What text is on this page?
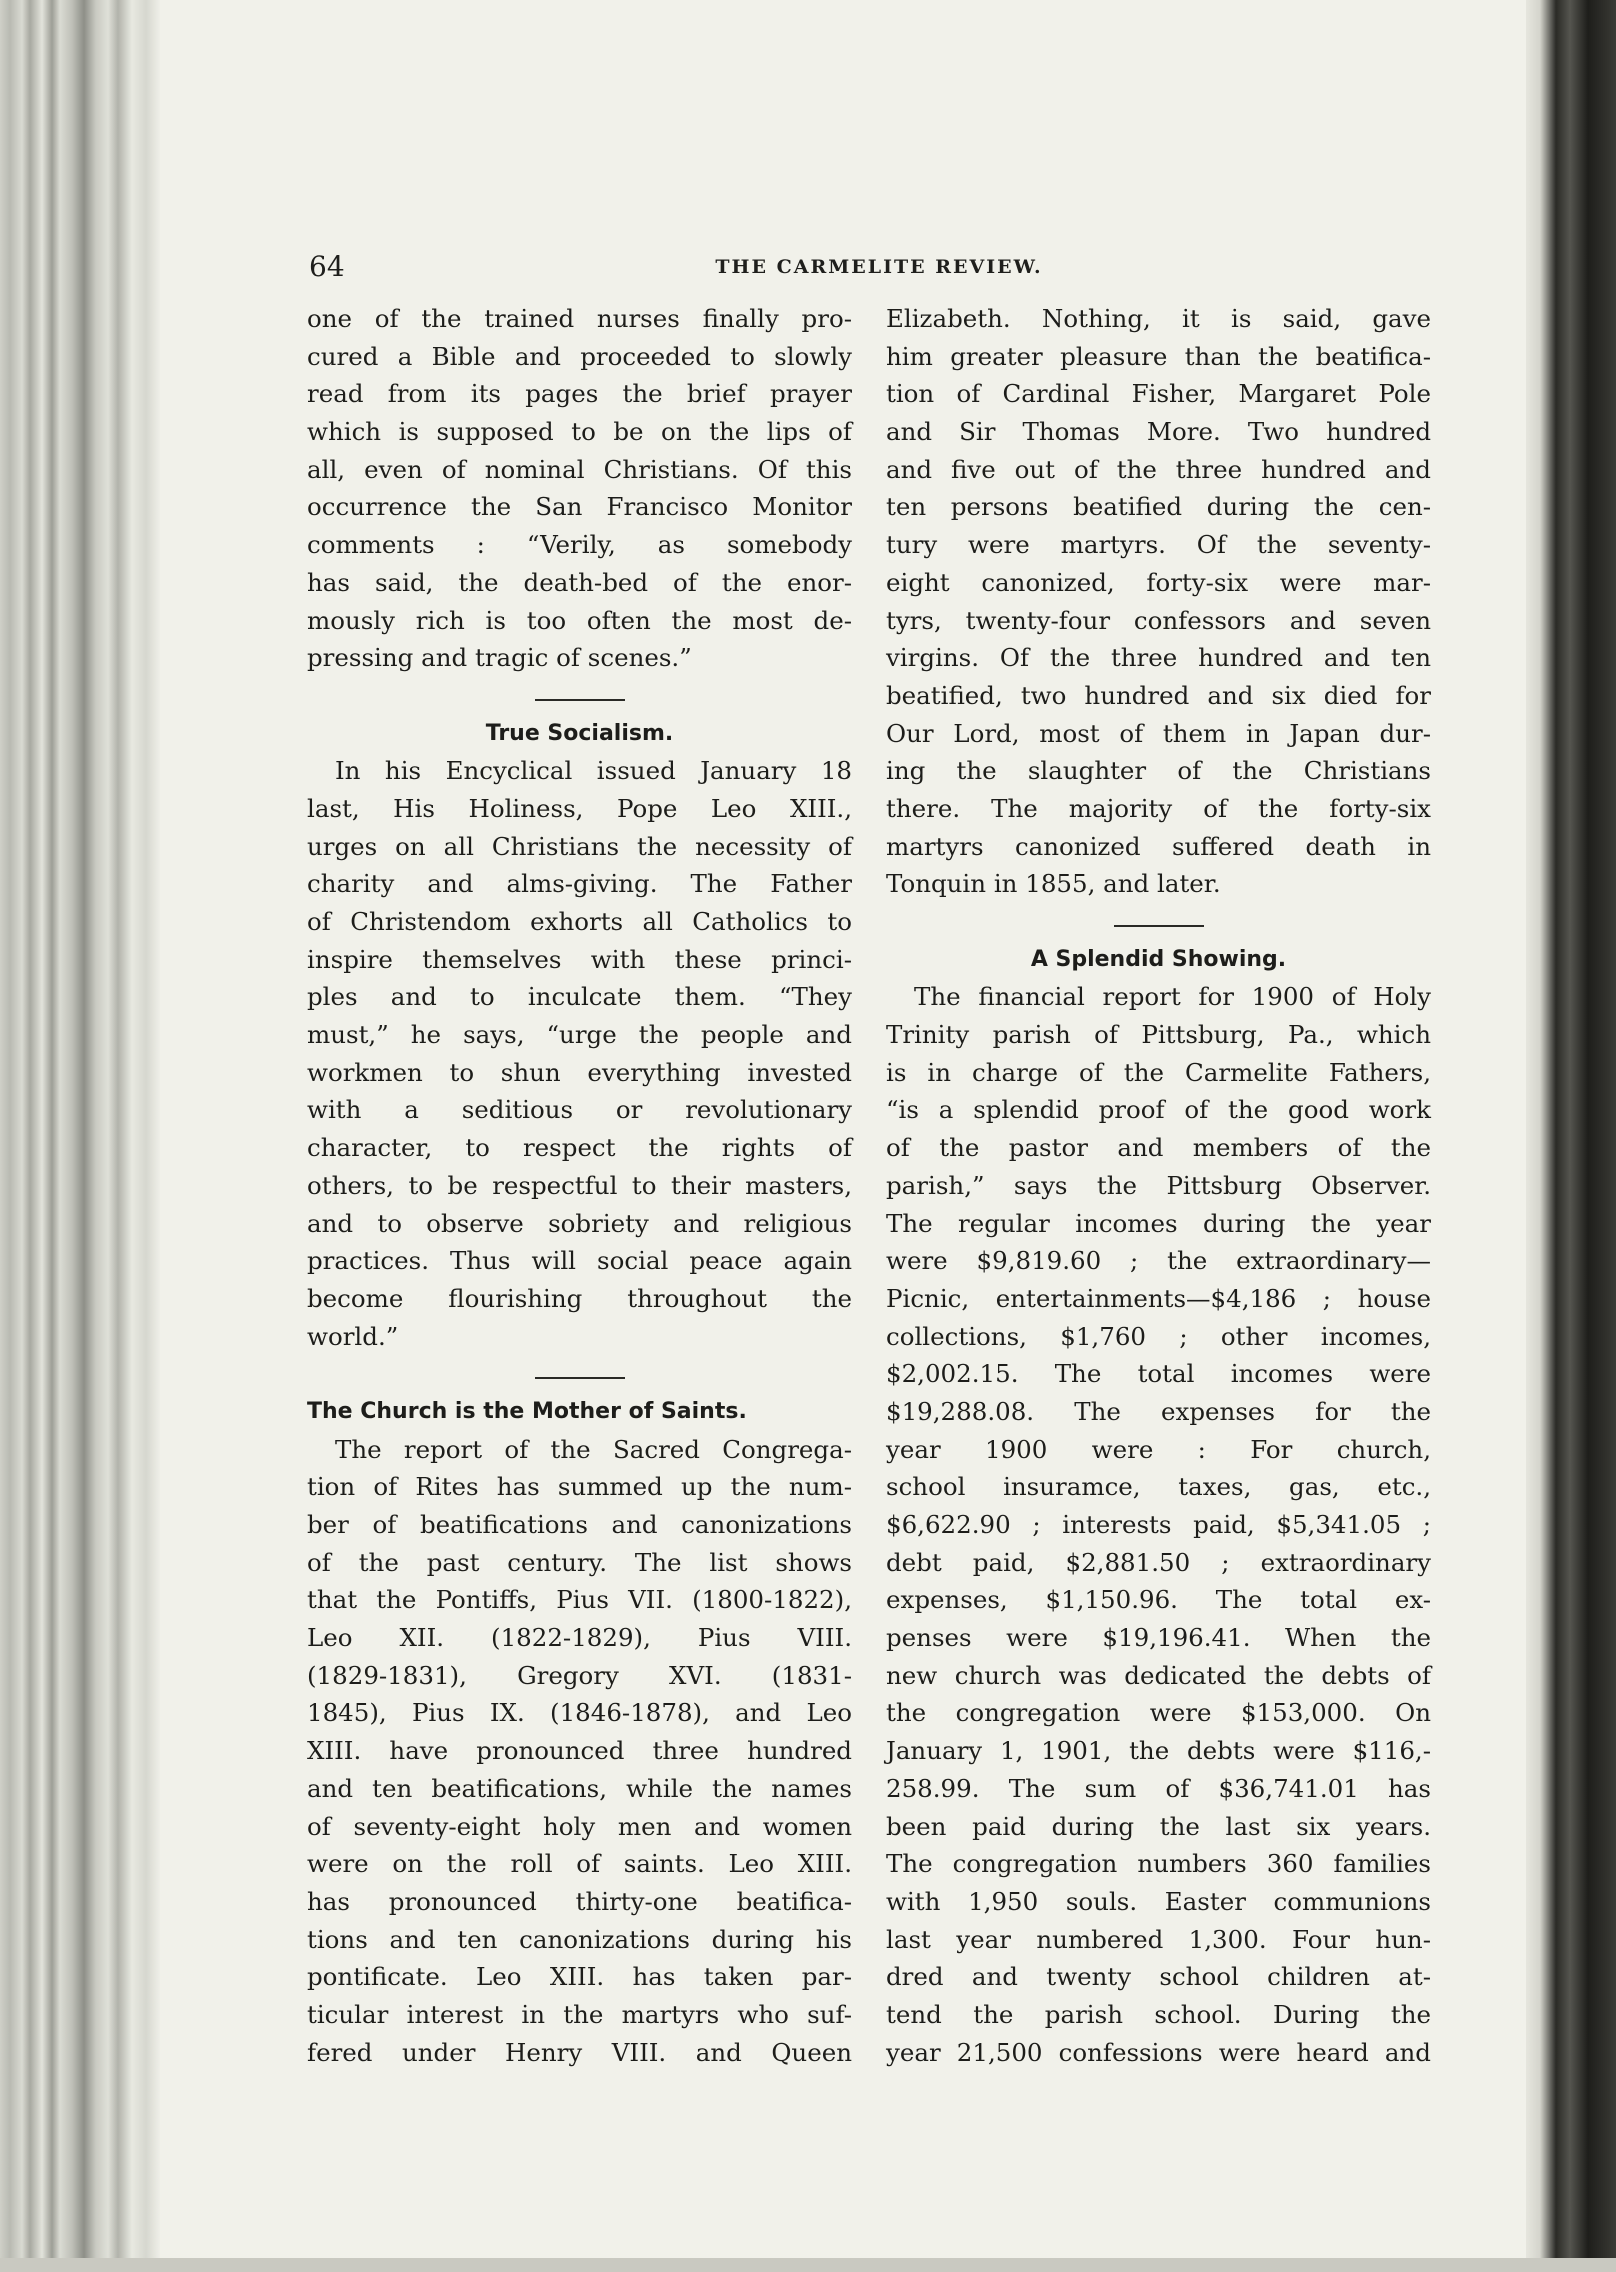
64	THE CARMELITE REVIEW.
one of the trained nurses finally pro-
cured a Bible and proceeded to slowly
read from its pages the brief prayer
which is supposed to be on the lips of
all, even of nominal Christians. Of this
occurrence the San Francisco Monitor
comments : “Verily, as somebody
has said, the death-bed of the enor-
mously rich is too often the most de-
pressing and tragic of scenes.”
True Socialism.
In his Encyclical issued January 18
last, His Holiness, Pope Leo XIII.,
urges on all Christians the necessity of
charity and alms-giving. The Father
of Christendom exhorts all Catholics to
inspire themselves with these princi-
ples and to inculcate them. “They
must,” he says, “urge the people and
workmen to shun everything invested
with a seditious or revolutionary
character, to respect the rights of
others, to be respectful to their masters,
and to observe sobriety and religious
practices. Thus will social peace again
become flourishing throughout the
world.”
The Church is the Mother of Saints.
The report of the Sacred Congrega-
tion of Rites has summed up the num-
ber of beatifications and canonizations
of the past century. The list shows
that the Pontiffs, Pius VII. (1800-1822),
Leo XII. (1822-1829), Pius VIII.
(1829-1831), Gregory XVI. (1831-
1845), Pius IX. (1846-1878), and Leo
XIII. have pronounced three hundred
and ten beatifications, while the names
of seventy-eight holy men and women
were on the roll of saints. Leo XIII.
has pronounced thirty-one beatifica-
tions and ten canonizations during his
pontificate. Leo XIII. has taken par-
ticular interest in the martyrs who suf-
fered under Henry VIII. and Queen
Elizabeth. Nothing, it is said, gave
him greater pleasure than the beatifica-
tion of Cardinal Fisher, Margaret Pole
and Sir Thomas More. Two hundred
and five out of the three hundred and
ten persons beatified during the cen-
tury were martyrs. Of the seventy-
eight canonized, forty-six were mar-
tyrs, twenty-four confessors and seven
virgins. Of the three hundred and ten
beatified, two hundred and six died for
Our Lord, most of them in Japan dur-
ing the slaughter of the Christians
there. The majority of the forty-six
martyrs canonized suffered death in
Tonquin in 1855, and later.
A Splendid Showing.
The financial report for 1900 of Holy
Trinity parish of Pittsburg, Pa., which
is in charge of the Carmelite Fathers,
“is a splendid proof of the good work
of the pastor and members of the
parish,” says the Pittsburg Observer.
The regular incomes during the year
were $9,819.60 ; the extraordinary—
Picnic, entertainments—$4,186 ; house
collections, $1,760 ; other incomes,
$2,002.15. The total incomes were
$19,288.08. The expenses for the
year 1900 were : For church,
school insuramce, taxes, gas, etc.,
$6,622.90 ; interests paid, $5,341.05 ;
debt paid, $2,881.50 ; extraordinary
expenses, $1,150.96. The total ex-
penses were $19,196.41. When the
new church was dedicated the debts of
the congregation were $153,000. On
January 1, 1901, the debts were $116,-
258.99. The sum of $36,741.01 has
been paid during the last six years.
The congregation numbers 360 families
with 1,950 souls. Easter communions
last year numbered 1,300. Four hun-
dred and twenty school children at-
tend the parish school. During the
year 21,500 confessions were heard and
